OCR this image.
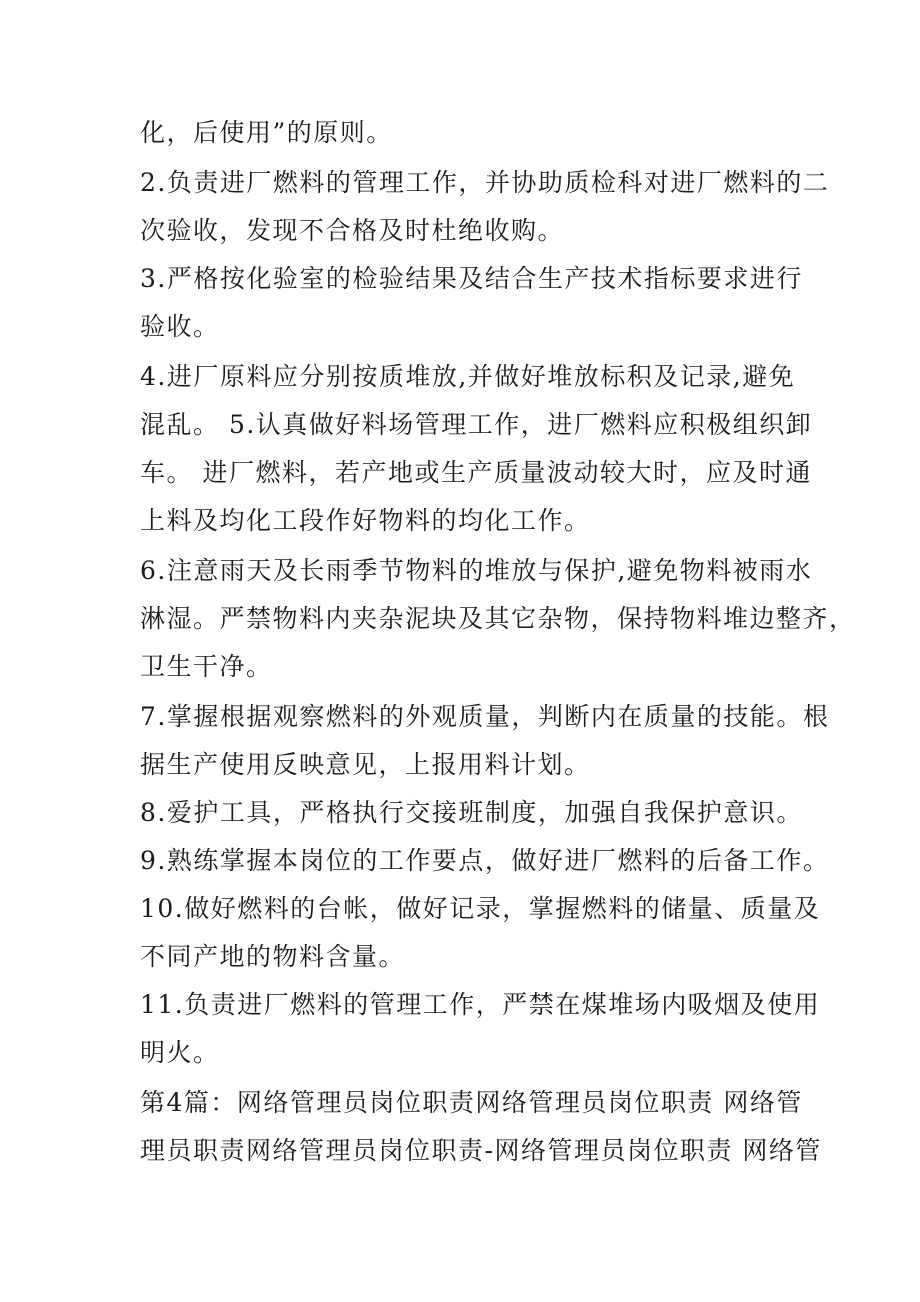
化，后使用”的原则。

2.负责进厂燃料的管理工作，并协助质检科对进厂燃料的二

次验收，发现不合格及时杜绝收购。

3.严格按化验室的检验结果及结合生产技术指标要求进行

验收。

4.进厂原料应分别按质堆放,并做好堆放标积及记录,避免

混乱。 5.认真做好料场管理工作，进厂燃料应积极组织卸

车。 进厂燃料，若产地或生产质量波动较大时，应及时通

上料及均化工段作好物料的均化工作。

6.注意雨天及长雨季节物料的堆放与保护,避免物料被雨水

淋湿。严禁物料内夹杂泥块及其它杂物，保持物料堆边整齐，

卫生干净。

7.掌握根据观察燃料的外观质量，判断内在质量的技能。根

据生产使用反映意见，上报用料计划。

8.爱护工具，严格执行交接班制度，加强自我保护意识。

9.熟练掌握本岗位的工作要点，做好进厂燃料的后备工作。

10.做好燃料的台帐，做好记录，掌握燃料的储量、质量及

不同产地的物料含量。

11.负责进厂燃料的管理工作，严禁在煤堆场内吸烟及使用

明火。

第4篇：网络管理员岗位职责网络管理员岗位职责 网络管

理员职责网络管理员岗位职责-网络管理员岗位职责 网络管
